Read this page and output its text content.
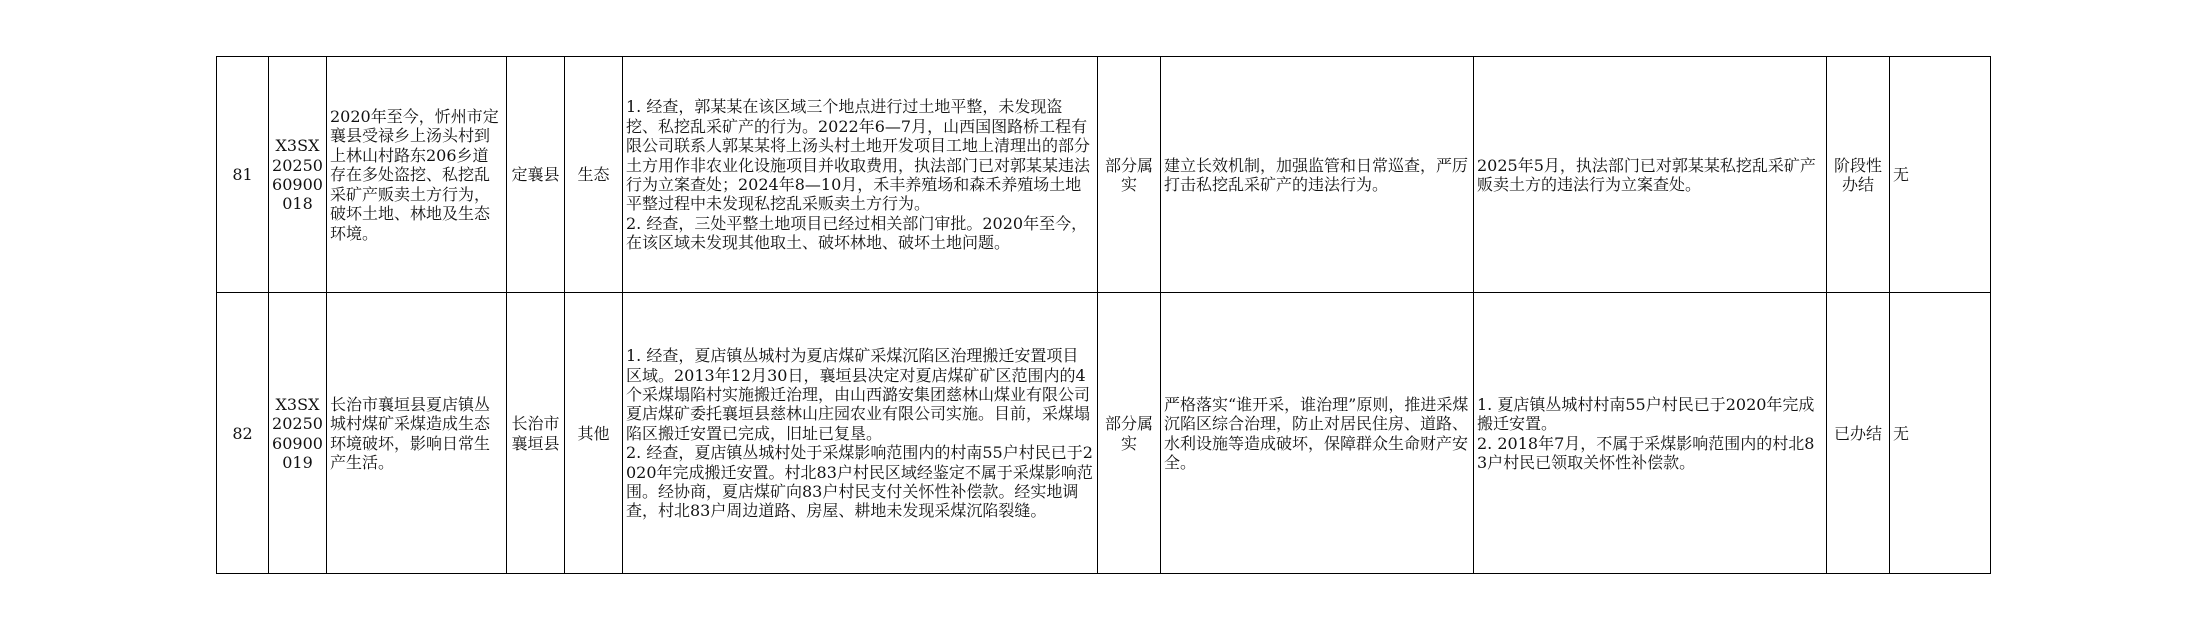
81	X3SX2025060900018	2020年至今，忻州市定襄县受禄乡上汤头村到上林山村路东206乡道存在多处盗挖、私挖乱采矿产贩卖土方行为，破坏土地、林地及生态环境。	定襄县	生态	1. 经查，郭某某在该区域三个地点进行过土地平整，未发现盗挖、私挖乱采矿产的行为。2022年6—7月，山西国图路桥工程有限公司联系人郭某某将上汤头村土地开发项目工地上清理出的部分土方用作非农业化设施项目并收取费用，执法部门已对郭某某违法行为立案查处；2024年8—10月，禾丰养殖场和森禾养殖场土地平整过程中未发现私挖乱采贩卖土方行为。
2. 经查，三处平整土地项目已经过相关部门审批。2020年至今，在该区域未发现其他取土、破坏林地、破坏土地问题。	部分属实	建立长效机制，加强监管和日常巡查，严厉打击私挖乱采矿产的违法行为。	2025年5月，执法部门已对郭某某私挖乱采矿产贩卖土方的违法行为立案查处。	阶段性办结	无
82	X3SX2025060900019	长治市襄垣县夏店镇丛城村煤矿采煤造成生态环境破坏，影响日常生产生活。	长治市襄垣县	其他	1. 经查，夏店镇丛城村为夏店煤矿采煤沉陷区治理搬迁安置项目区域。2013年12月30日，襄垣县决定对夏店煤矿矿区范围内的4个采煤塌陷村实施搬迁治理，由山西潞安集团慈林山煤业有限公司夏店煤矿委托襄垣县慈林山庄园农业有限公司实施。目前，采煤塌陷区搬迁安置已完成，旧址已复垦。
2. 经查，夏店镇丛城村处于采煤影响范围内的村南55户村民已于2020年完成搬迁安置。村北83户村民区域经鉴定不属于采煤影响范围。经协商，夏店煤矿向83户村民支付关怀性补偿款。经实地调查，村北83户周边道路、房屋、耕地未发现采煤沉陷裂缝。	部分属实	严格落实“谁开采，谁治理”原则，推进采煤沉陷区综合治理，防止对居民住房、道路、水利设施等造成破坏，保障群众生命财产安全。	1. 夏店镇丛城村村南55户村民已于2020年完成搬迁安置。
2. 2018年7月，不属于采煤影响范围内的村北83户村民已领取关怀性补偿款。	已办结	无
